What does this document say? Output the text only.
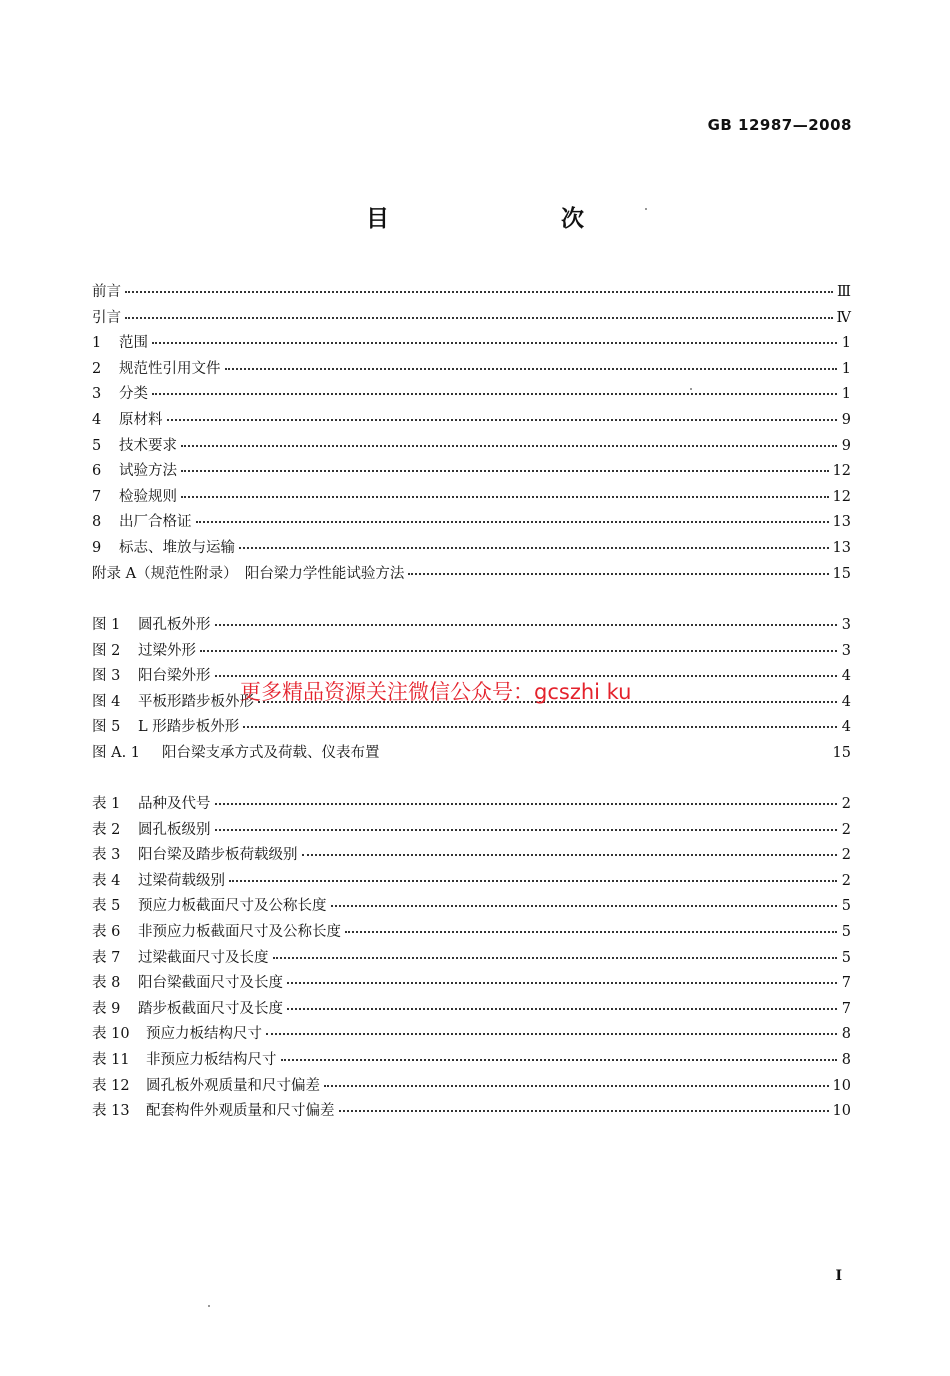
GB 12987—2008
目　　次
前言	Ⅲ
引言	Ⅳ
1	范围	1
2	规范性引用文件	1
3	分类	1
4	原材料	9
5	技术要求	9
6	试验方法	12
7	检验规则	12
8	出厂合格证	13
9	标志、堆放与运输	13
附录 A（规范性附录）　阳台梁力学性能试验方法	15
图 1	圆孔板外形	3
图 2	过梁外形	3
图 3	阳台梁外形	4
图 4	平板形踏步板外形	4
图 5	L 形踏步板外形	4
图 A. 1	阳台梁支承方式及荷载、仪表布置	15
表 1	品种及代号	2
表 2	圆孔板级别	2
表 3	阳台梁及踏步板荷载级别	2
表 4	过梁荷载级别	2
表 5	预应力板截面尺寸及公称长度	5
表 6	非预应力板截面尺寸及公称长度	5
表 7	过梁截面尺寸及长度	5
表 8	阳台梁截面尺寸及长度	7
表 9	踏步板截面尺寸及长度	7
表 10	预应力板结构尺寸	8
表 11	非预应力板结构尺寸	8
表 12	圆孔板外观质量和尺寸偏差	10
表 13	配套构件外观质量和尺寸偏差	10
更多精品资源关注微信公众号：gcszhi ku
I
